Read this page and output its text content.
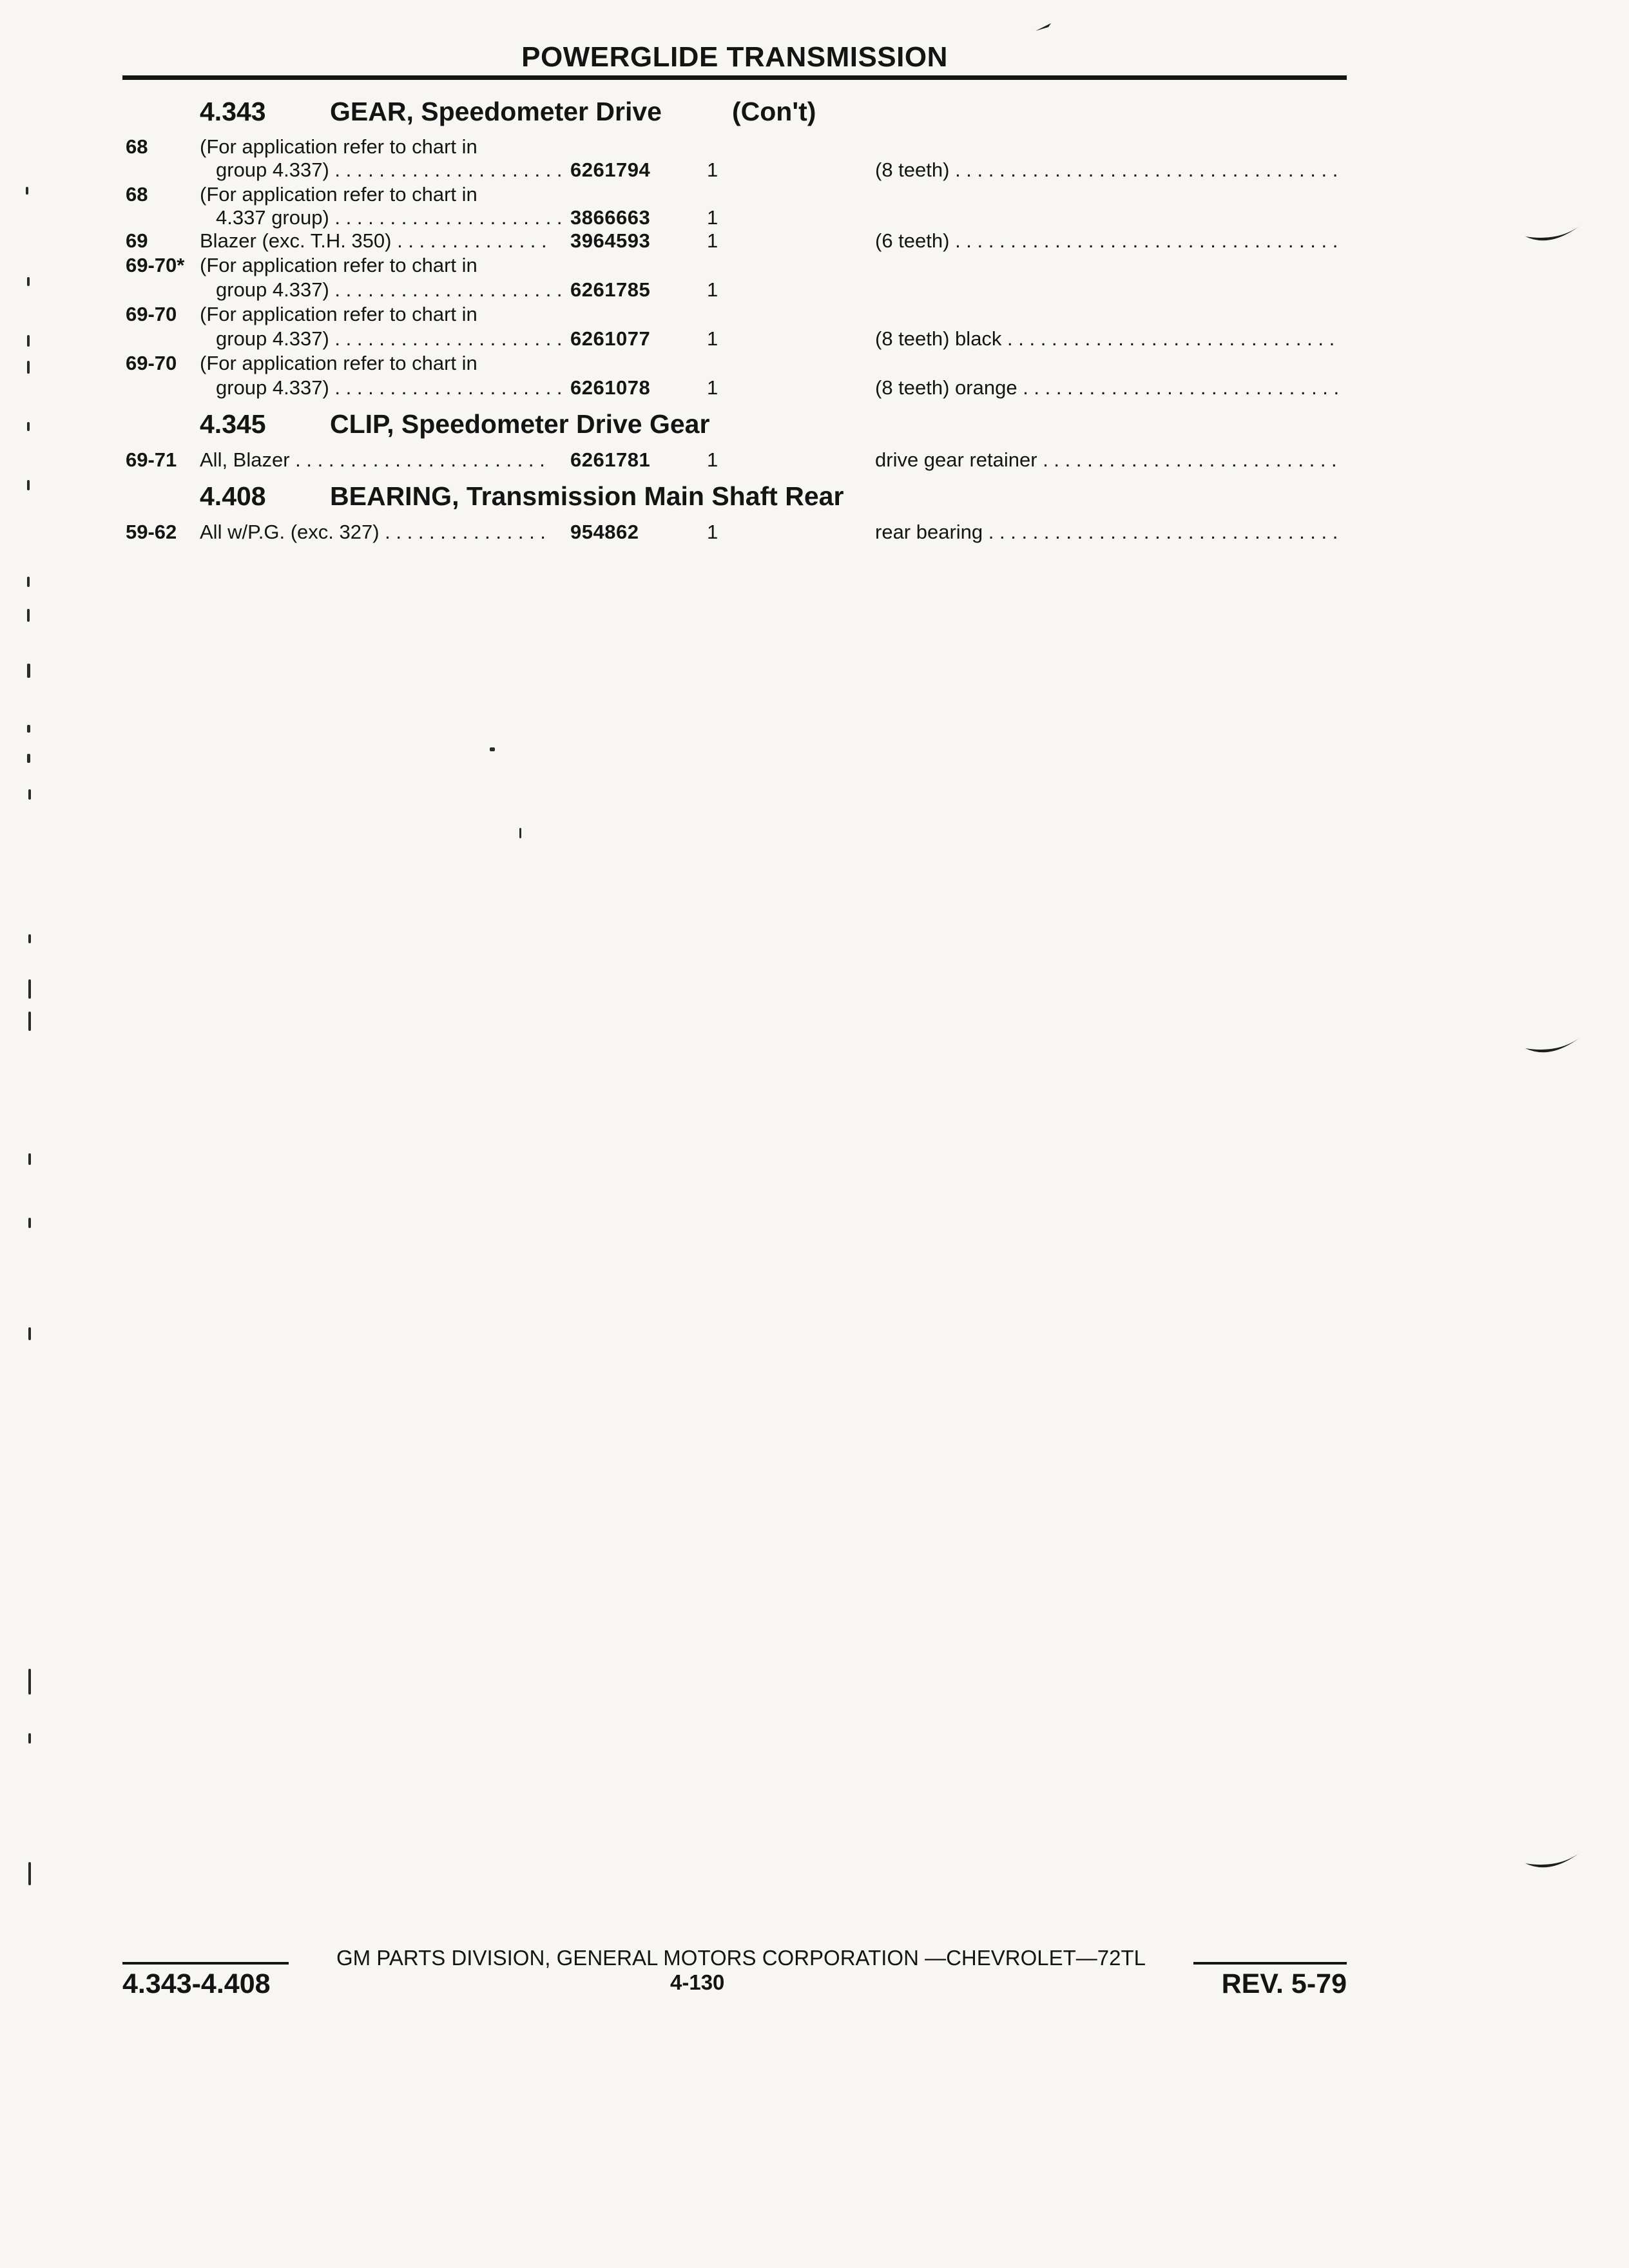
POWERGLIDE TRANSMISSION
4.343 GEAR, Speedometer Drive	(Con't)
68	(For application refer to chart in
group 4.337) . . .	6261794	1	(8 teeth) . . .
68	(For application refer to chart in
4.337 group) . . .	3866663	1
69	Blazer (exc. T.H. 350) . . .	3964593	1	(6 teeth) . . .
69-70* (For application refer to chart in
group 4.337) . . .	6261785	1
69-70 (For application refer to chart in
group 4.337) . . .	6261077	1	(8 teeth) black . . .
69-70 (For application refer to chart in
group 4.337) . . .	6261078	1	(8 teeth) orange . . .
4.345 CLIP, Speedometer Drive Gear
69-71 All, Blazer . . .	6261781	1	drive gear retainer . . .
4.408 BEARING, Transmission Main Shaft Rear
59-62 All w/P.G. (exc. 327) . . .	954862	1	rear bearing . . .
GM PARTS DIVISION, GENERAL MOTORS CORPORATION —CHEVROLET—72TL
4.343-4.408	4-130	REV. 5-79
